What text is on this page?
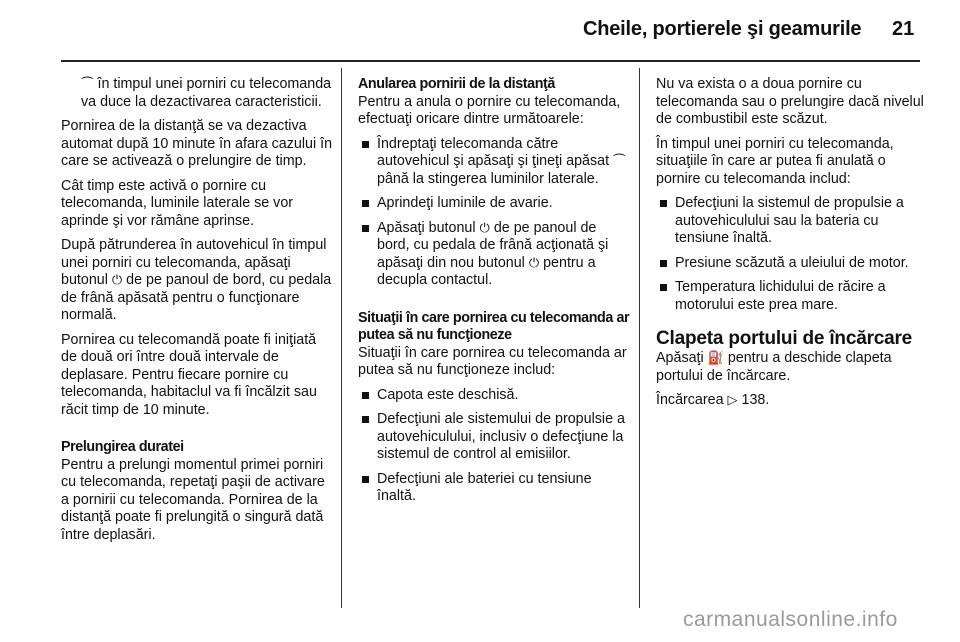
Cheile, portierele şi geamurile 21

⏜ în timpul unei porniri cu telecomanda va duce la dezactivarea caracteristicii.

Pornirea de la distanţă se va dezactiva automat după 10 minute în afara cazului în care se activează o prelungire de timp.

Cât timp este activă o pornire cu telecomanda, luminile laterale se vor aprinde şi vor rămâne aprinse.

După pătrunderea în autovehicul în timpul unei porniri cu telecomanda, apăsaţi butonul ⏻ de pe panoul de bord, cu pedala de frână apăsată pentru o funcţionare normală.

Pornirea cu telecomandă poate fi iniţiată de două ori între două intervale de deplasare. Pentru fiecare pornire cu telecomanda, habitaclul va fi încălzit sau răcit timp de 10 minute.

Prelungirea duratei

Pentru a prelungi momentul primei porniri cu telecomanda, repetaţi paşii de activare a pornirii cu telecomanda. Pornirea de la distanţă poate fi prelungită o singură dată între deplasări.

Anularea pornirii de la distanţă

Pentru a anula o pornire cu telecomanda, efectuaţi oricare dintre următoarele:

Îndreptaţi telecomanda către autovehicul şi apăsaţi şi ţineţi apăsat ⏜ până la stingerea luminilor laterale.
Aprindeţi luminile de avarie.
Apăsaţi butonul ⏻ de pe panoul de bord, cu pedala de frână acţionată şi apăsaţi din nou butonul ⏻ pentru a decupla contactul.

Situaţii în care pornirea cu telecomanda ar putea să nu funcţioneze

Situaţii în care pornirea cu telecomanda ar putea să nu funcţioneze includ:

Capota este deschisă.
Defecţiuni ale sistemului de propulsie a autovehiculului, inclusiv o defecţiune la sistemul de control al emisiilor.
Defecţiuni ale bateriei cu tensiune înaltă.

Nu va exista o a doua pornire cu telecomanda sau o prelungire dacă nivelul de combustibil este scăzut.

În timpul unei porniri cu telecomanda, situaţiile în care ar putea fi anulată o pornire cu telecomanda includ:

Defecţiuni la sistemul de propulsie a autovehiculului sau la bateria cu tensiune înaltă.
Presiune scăzută a uleiului de motor.
Temperatura lichidului de răcire a motorului este prea mare.

Clapeta portului de încărcare

Apăsaţi ⛽ pentru a deschide clapeta portului de încărcare.

Încărcarea ▷ 138.

carmanualsonline.info
